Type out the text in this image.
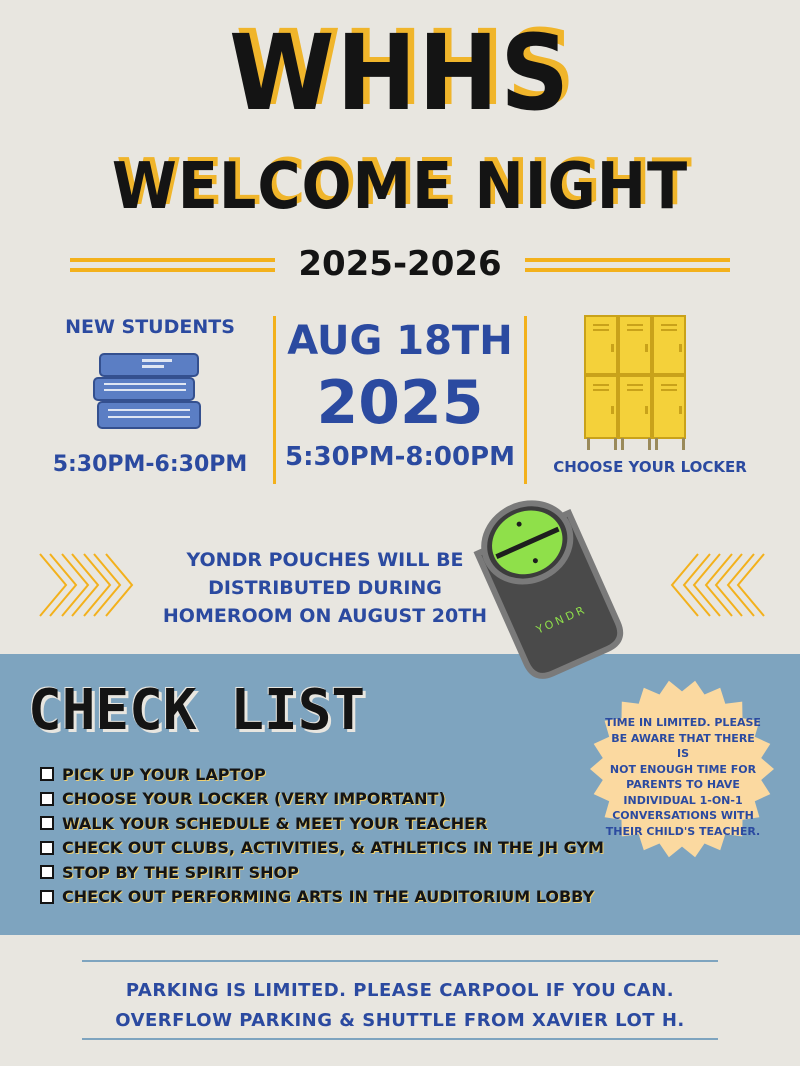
WHHS
WELCOME NIGHT
2025-2026
NEW STUDENTS
5:30PM-6:30PM
AUG 18TH
2025
5:30PM-8:00PM	CHOOSE YOUR LOCKER
YONDR POUCHES WILL BE
DISTRIBUTED DURING
HOMEROOM ON AUGUST 20TH
CHECK LIST
PICK UP YOUR LAPTOP
CHOOSE YOUR LOCKER (VERY IMPORTANT)
WALK YOUR SCHEDULE & MEET YOUR TEACHER
CHECK OUT CLUBS, ACTIVITIES, & ATHLETICS IN THE JH GYM
STOP BY THE SPIRIT SHOP
CHECK OUT PERFORMING ARTS IN THE AUDITORIUM LOBBY
TIME IN LIMITED. PLEASE
BE AWARE THAT THERE IS
NOT ENOUGH TIME FOR
PARENTS TO HAVE
INDIVIDUAL 1-ON-1
CONVERSATIONS WITH
THEIR CHILD'S TEACHER.
YONDR
PARKING IS LIMITED. PLEASE CARPOOL IF YOU CAN.
OVERFLOW PARKING & SHUTTLE FROM XAVIER LOT H.
